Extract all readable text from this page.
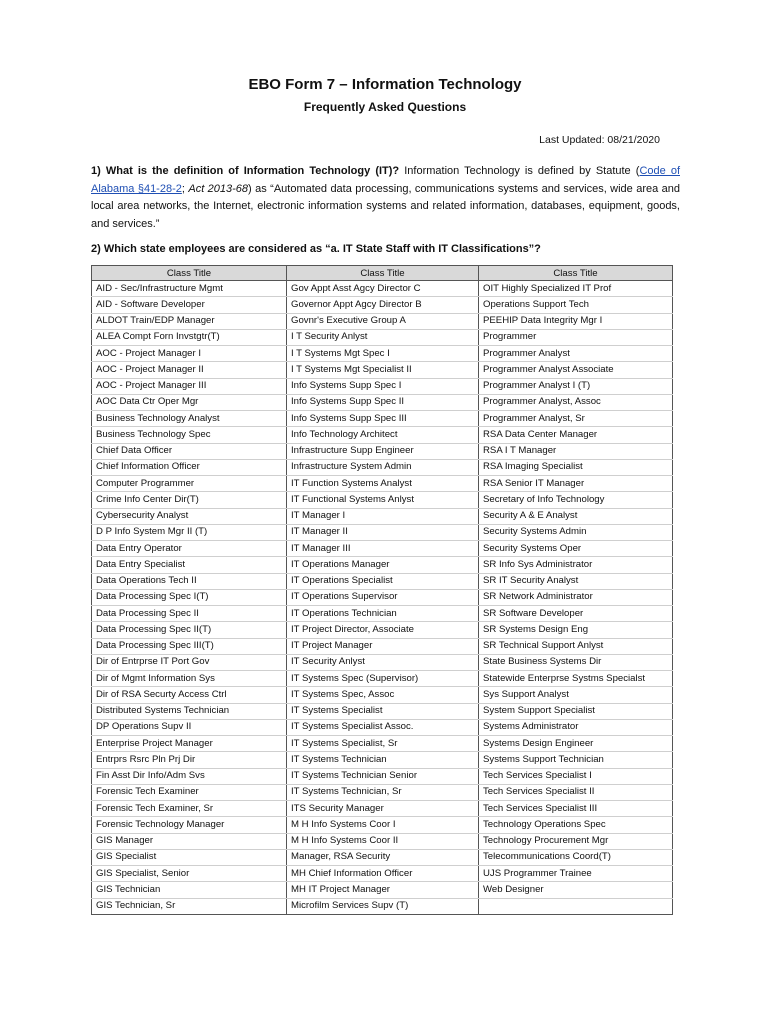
EBO Form 7 – Information Technology
Frequently Asked Questions
Last Updated: 08/21/2020
1) What is the definition of Information Technology (IT)? Information Technology is defined by Statute (Code of Alabama §41-28-2; Act 2013-68) as “Automated data processing, communications systems and services, wide area and local area networks, the Internet, electronic information systems and related information, databases, equipment, goods, and services.”
2) Which state employees are considered as “a. IT State Staff with IT Classifications”?
Class Title	Class Title	Class Title
AID - Sec/Infrastructure Mgmt	Gov Appt Asst Agcy Director C	OIT Highly Specialized IT Prof
AID - Software Developer	Governor Appt Agcy Director B	Operations Support Tech
ALDOT Train/EDP Manager	Govnr's Executive Group A	PEEHIP Data Integrity Mgr I
ALEA Compt Forn Invstgtr(T)	I T Security Anlyst	Programmer
AOC - Project Manager I	I T Systems Mgt Spec I	Programmer Analyst
AOC - Project Manager II	I T Systems Mgt Specialist II	Programmer Analyst Associate
AOC - Project Manager III	Info Systems Supp Spec I	Programmer Analyst I (T)
AOC Data Ctr Oper Mgr	Info Systems Supp Spec II	Programmer Analyst, Assoc
Business Technology Analyst	Info Systems Supp Spec III	Programmer Analyst, Sr
Business Technology Spec	Info Technology Architect	RSA Data Center Manager
Chief Data Officer	Infrastructure Supp Engineer	RSA I T Manager
Chief Information Officer	Infrastructure System Admin	RSA Imaging Specialist
Computer Programmer	IT Function Systems Analyst	RSA Senior IT Manager
Crime Info Center Dir(T)	IT Functional Systems Anlyst	Secretary of Info Technology
Cybersecurity Analyst	IT Manager I	Security A & E Analyst
D P Info System Mgr II (T)	IT Manager II	Security Systems Admin
Data Entry Operator	IT Manager III	Security Systems Oper
Data Entry Specialist	IT Operations Manager	SR Info Sys Administrator
Data Operations Tech II	IT Operations Specialist	SR IT Security Analyst
Data Processing Spec I(T)	IT Operations Supervisor	SR Network Administrator
Data Processing Spec II	IT Operations Technician	SR Software Developer
Data Processing Spec II(T)	IT Project Director, Associate	SR Systems Design Eng
Data Processing Spec III(T)	IT Project Manager	SR Technical Support Anlyst
Dir of Entrprse IT Port Gov	IT Security Anlyst	State Business Systems Dir
Dir of Mgmt Information Sys	IT Systems Spec (Supervisor)	Statewide Enterprse Systms Specialst
Dir of RSA Securty Access Ctrl	IT Systems Spec, Assoc	Sys Support Analyst
Distributed Systems Technician	IT Systems Specialist	System Support Specialist
DP Operations Supv II	IT Systems Specialist Assoc.	Systems Administrator
Enterprise Project Manager	IT Systems Specialist, Sr	Systems Design Engineer
Entrprs Rsrc Pln Prj Dir	IT Systems Technician	Systems Support Technician
Fin Asst Dir Info/Adm Svs	IT Systems Technician Senior	Tech Services Specialist I
Forensic Tech Examiner	IT Systems Technician, Sr	Tech Services Specialist II
Forensic Tech Examiner, Sr	ITS Security Manager	Tech Services Specialist III
Forensic Technology Manager	M H Info Systems Coor I	Technology Operations Spec
GIS Manager	M H Info Systems Coor II	Technology Procurement Mgr
GIS Specialist	Manager, RSA Security	Telecommunications Coord(T)
GIS Specialist, Senior	MH Chief Information Officer	UJS Programmer Trainee
GIS Technician	MH IT Project Manager	Web Designer
GIS Technician, Sr	Microfilm Services Supv (T)	
